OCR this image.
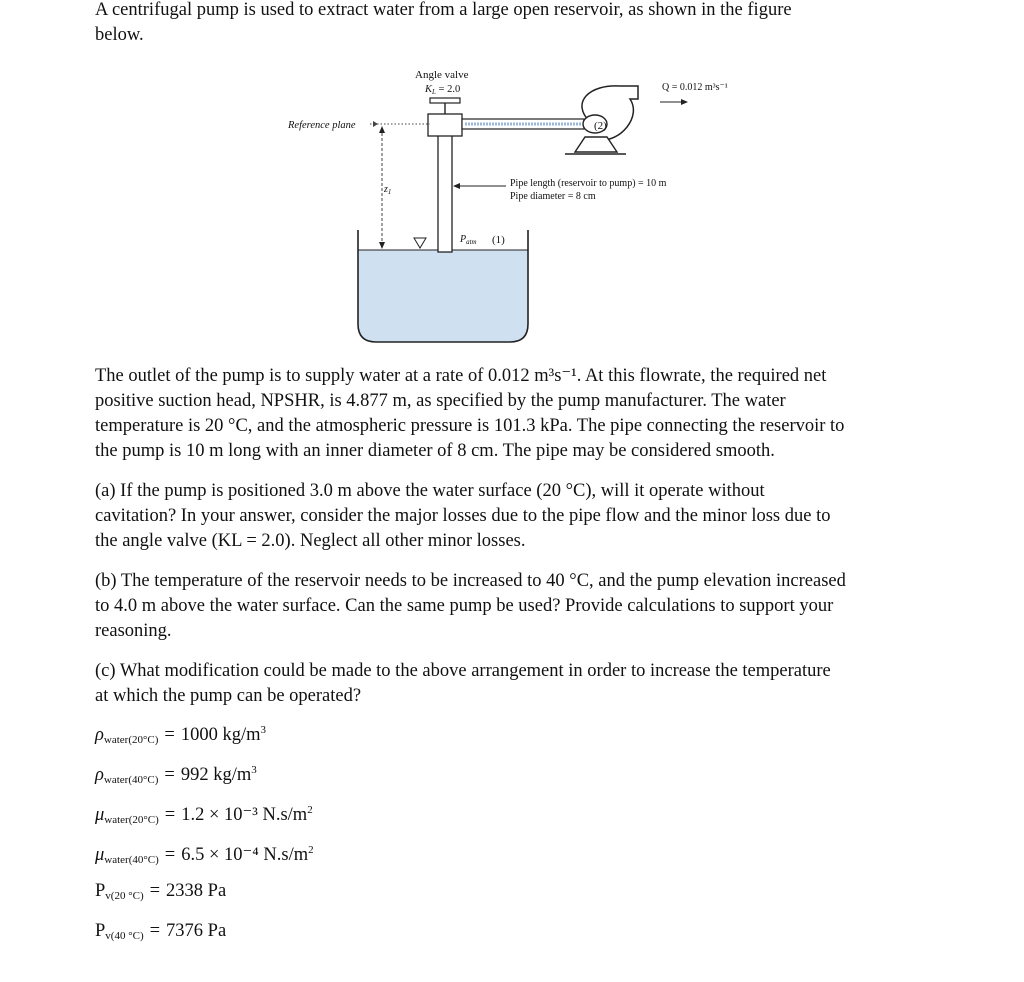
A centrifugal pump is used to extract water from a large open reservoir, as shown in the figure
below.
Angle valve
KL = 2.0	Q = 0.012 m³s⁻¹
Reference plane	(2)
$z_1$
Pipe length (reservoir to pump) = 10 m
Pipe diameter = 8 cm
$P_{atm}$ (1)
The outlet of the pump is to supply water at a rate of 0.012 m³s⁻¹. At this flowrate, the required net
positive suction head, NPSHR, is 4.877 m, as specified by the pump manufacturer. The water
temperature is 20 °C, and the atmospheric pressure is 101.3 kPa. The pipe connecting the reservoir to
the pump is 10 m long with an inner diameter of 8 cm. The pipe may be considered smooth.
(a) If the pump is positioned 3.0 m above the water surface (20 °C), will it operate without
cavitation? In your answer, consider the major losses due to the pipe flow and the minor loss due to
the angle valve (KL = 2.0). Neglect all other minor losses.
(b) The temperature of the reservoir needs to be increased to 40 °C, and the pump elevation increased
to 4.0 m above the water surface. Can the same pump be used? Provide calculations to support your
reasoning.
(c) What modification could be made to the above arrangement in order to increase the temperature
at which the pump can be operated?
$\rho_{water(20^\circ C)} = 1000$ $kg/m^3$
$\rho_{water(40^\circ C)} = 992$ $kg/m^3$
$\mu_{water(20^\circ C)} = 1.2 \times 10^{-3}$ $N.s/m^2$
$\mu_{water(40^\circ C)} = 6.5 \times 10^{-4}$ $N.s/m^2$
$P_{v(20 ^\circ C)} = 2338$ Pa
$P_{v(40 ^\circ C)} = 7376$ Pa
